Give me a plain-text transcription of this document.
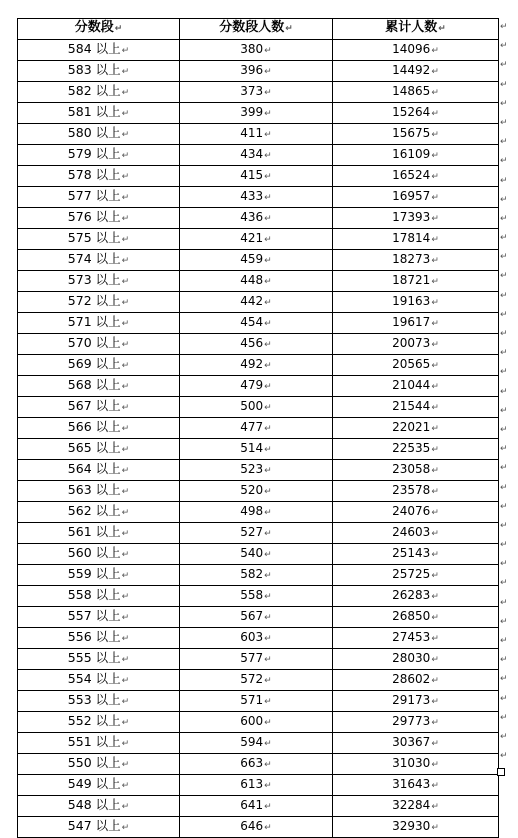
分数段↵	分数段人数↵	累计人数↵
584 以上↵	380↵	14096↵
583 以上↵	396↵	14492↵
582 以上↵	373↵	14865↵
581 以上↵	399↵	15264↵
580 以上↵	411↵	15675↵
579 以上↵	434↵	16109↵
578 以上↵	415↵	16524↵
577 以上↵	433↵	16957↵
576 以上↵	436↵	17393↵
575 以上↵	421↵	17814↵
574 以上↵	459↵	18273↵
573 以上↵	448↵	18721↵
572 以上↵	442↵	19163↵
571 以上↵	454↵	19617↵
570 以上↵	456↵	20073↵
569 以上↵	492↵	20565↵
568 以上↵	479↵	21044↵
567 以上↵	500↵	21544↵
566 以上↵	477↵	22021↵
565 以上↵	514↵	22535↵
564 以上↵	523↵	23058↵
563 以上↵	520↵	23578↵
562 以上↵	498↵	24076↵
561 以上↵	527↵	24603↵
560 以上↵	540↵	25143↵
559 以上↵	582↵	25725↵
558 以上↵	558↵	26283↵
557 以上↵	567↵	26850↵
556 以上↵	603↵	27453↵
555 以上↵	577↵	28030↵
554 以上↵	572↵	28602↵
553 以上↵	571↵	29173↵
552 以上↵	600↵	29773↵
551 以上↵	594↵	30367↵
550 以上↵	663↵	31030↵
549 以上↵	613↵	31643↵
548 以上↵	641↵	32284↵
547 以上↵	646↵	32930↵
↵
↵
↵
↵
↵
↵
↵
↵
↵
↵
↵
↵
↵
↵
↵
↵
↵
↵
↵
↵
↵
↵
↵
↵
↵
↵
↵
↵
↵
↵
↵
↵
↵
↵
↵
↵
↵
↵
↵
